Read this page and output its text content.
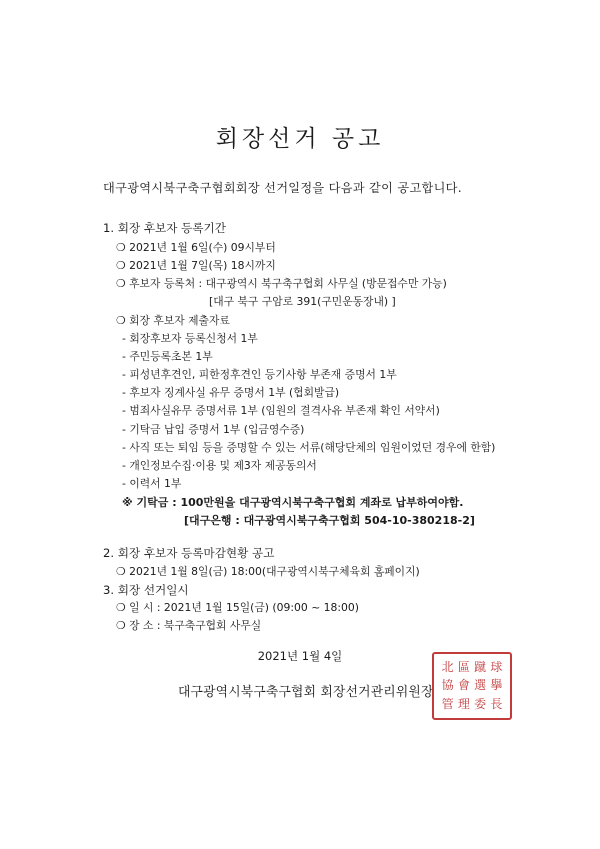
회장선거 공고
대구광역시북구축구협회회장 선거일정을 다음과 같이 공고합니다.
1. 회장 후보자 등록기간
❍ 2021년 1월 6일(수) 09시부터
❍ 2021년 1월 7일(목) 18시까지
❍ 후보자 등록처 : 대구광역시 북구축구협회 사무실 (방문접수만 가능)
[대구 북구 구암로 391(구민운동장내) ]
❍ 회장 후보자 제출자료
- 회장후보자 등록신청서 1부
- 주민등록초본 1부
- 피성년후견인, 피한정후견인 등기사항 부존재 증명서 1부
- 후보자 징계사실 유무 증명서 1부 (협회발급)
- 범죄사실유무 증명서류 1부 (임원의 결격사유 부존재 확인 서약서)
- 기탁금 납입 증명서 1부 (입금영수증)
- 사직 또는 퇴임 등을 증명할 수 있는 서류(해당단체의 임원이었던 경우에 한함)
- 개인정보수집·이용 및 제3자 제공동의서
- 이력서 1부
※ 기탁금 : 100만원을 대구광역시북구축구협회 계좌로 납부하여야함.
[대구은행 : 대구광역시북구축구협회 504-10-380218-2]
2. 회장 후보자 등록마감현황 공고
❍ 2021년 1월 8일(금) 18:00(대구광역시북구체육회 홈페이지)
3. 회장 선거일시
❍ 일 시 : 2021년 1월 15일(금) (09:00 ~ 18:00)
❍ 장 소 : 북구축구협회 사무실
2021년 1월 4일
대구광역시북구축구협회 회장선거관리위원장
北 區 蹴 球
協 會 選 擧
管 理 委 長
